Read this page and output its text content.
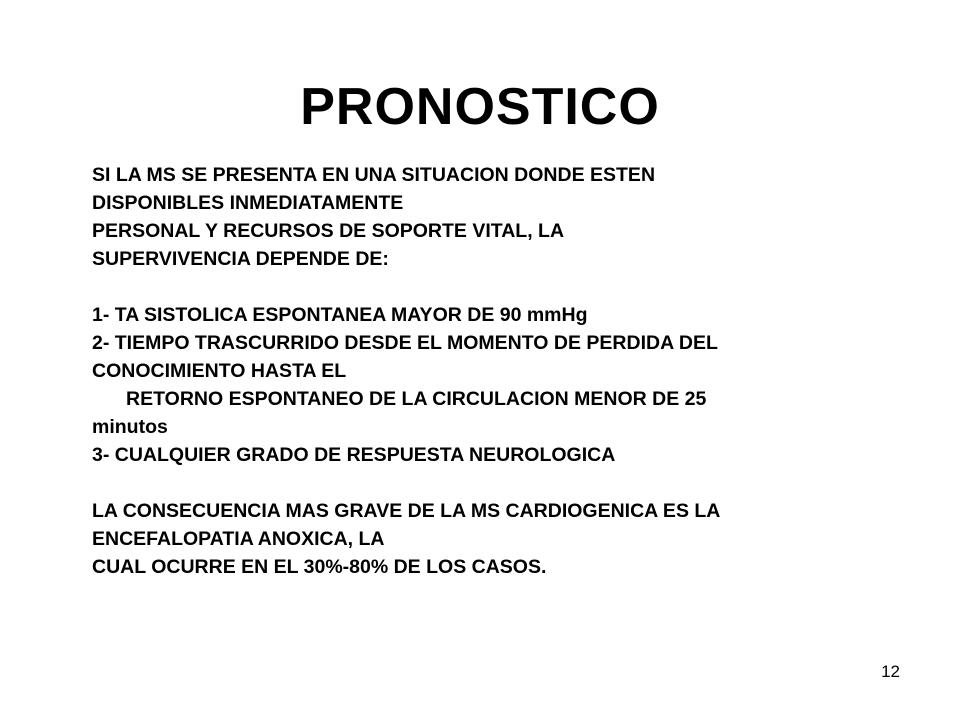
PRONOSTICO
SI LA MS SE PRESENTA EN UNA SITUACION DONDE ESTEN
DISPONIBLES INMEDIATAMENTE
PERSONAL Y RECURSOS DE SOPORTE VITAL, LA
SUPERVIVENCIA DEPENDE DE:
1- TA SISTOLICA ESPONTANEA MAYOR DE 90 mmHg
2- TIEMPO TRASCURRIDO DESDE EL MOMENTO DE PERDIDA DEL
CONOCIMIENTO HASTA EL
RETORNO ESPONTANEO DE LA CIRCULACION MENOR DE 25
minutos
3- CUALQUIER GRADO DE RESPUESTA NEUROLOGICA
LA CONSECUENCIA MAS GRAVE DE LA MS CARDIOGENICA ES LA
ENCEFALOPATIA ANOXICA, LA
CUAL OCURRE EN EL 30%-80% DE LOS CASOS.
12
